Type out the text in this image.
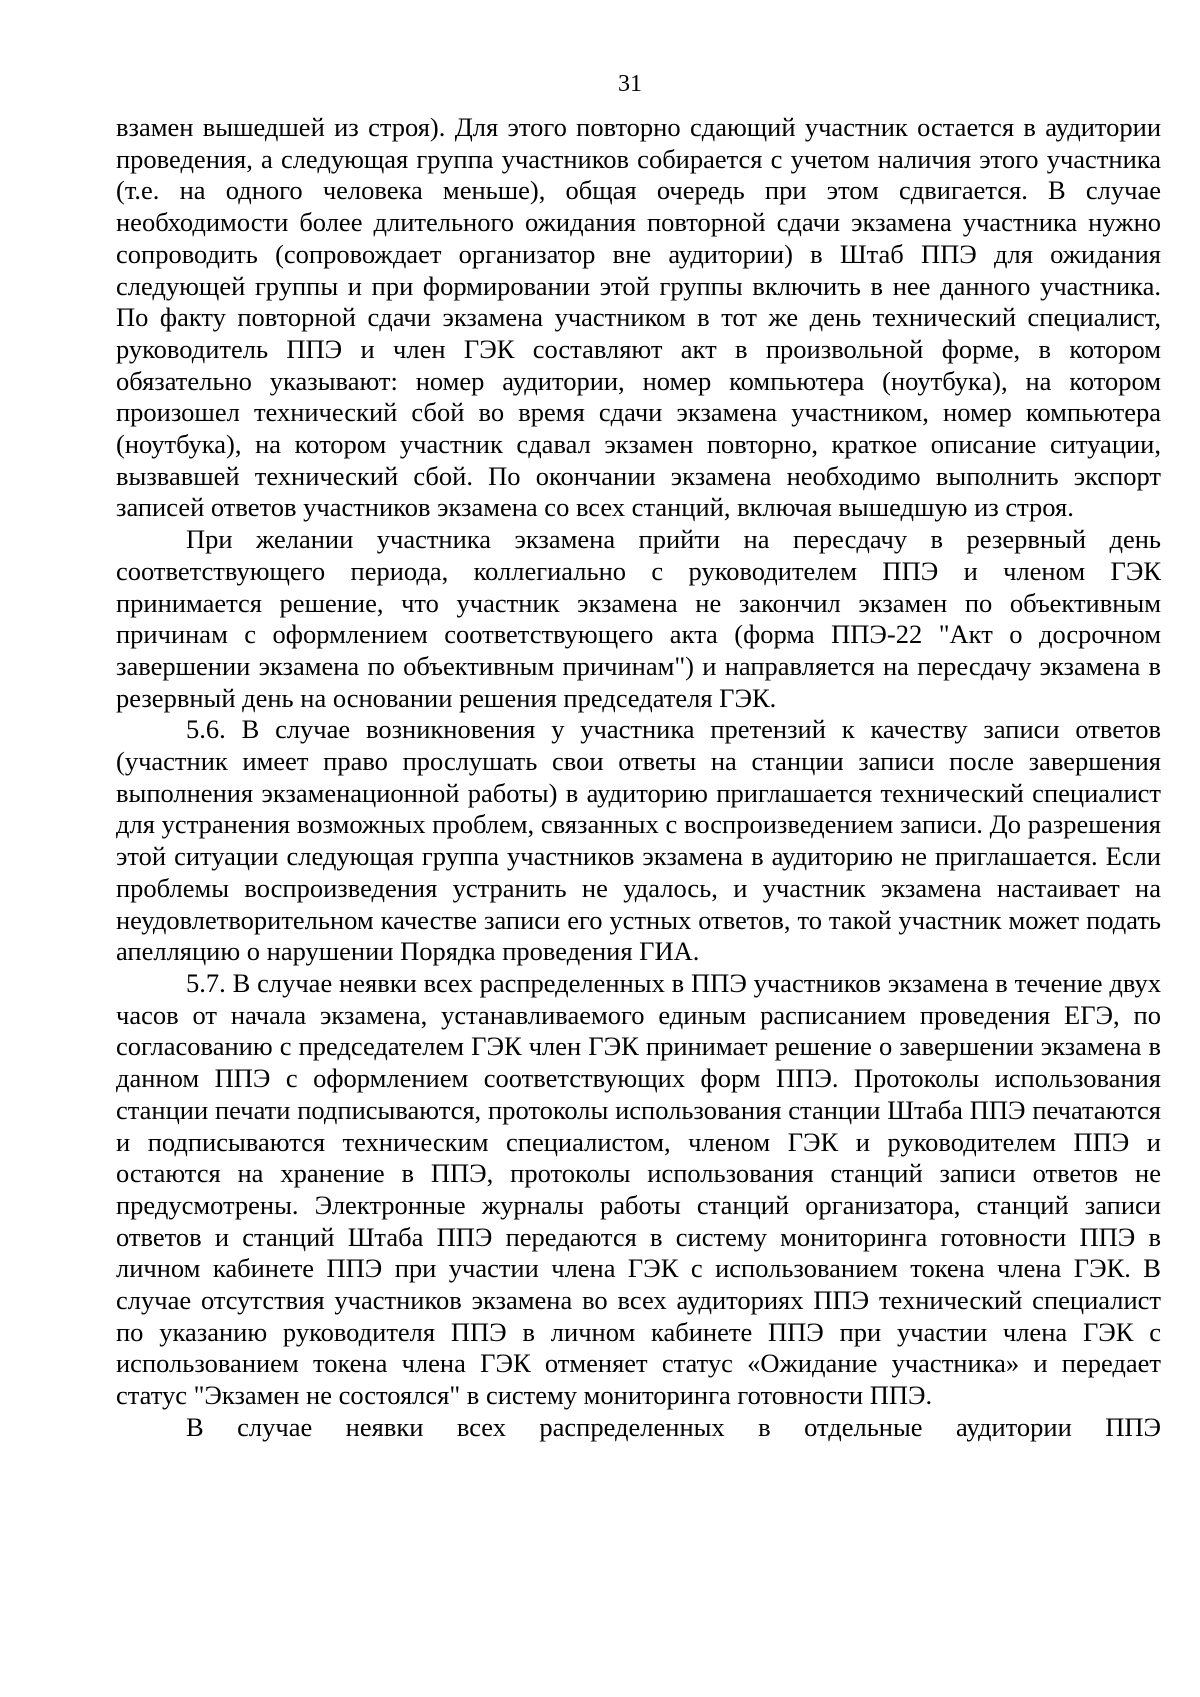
31

взамен вышедшей из строя). Для этого повторно сдающий участник остается в аудитории проведения, а следующая группа участников собирается с учетом наличия этого участника (т.е. на одного человека меньше), общая очередь при этом сдвигается. В случае необходимости более длительного ожидания повторной сдачи экзамена участника нужно сопроводить (сопровождает организатор вне аудитории) в Штаб ППЭ для ожидания следующей группы и при формировании этой группы включить в нее данного участника. По факту повторной сдачи экзамена участником в тот же день технический специалист, руководитель ППЭ и член ГЭК составляют акт в произвольной форме, в котором обязательно указывают: номер аудитории, номер компьютера (ноутбука), на котором произошел технический сбой во время сдачи экзамена участником, номер компьютера (ноутбука), на котором участник сдавал экзамен повторно, краткое описание ситуации, вызвавшей технический сбой. По окончании экзамена необходимо выполнить экспорт записей ответов участников экзамена со всех станций, включая вышедшую из строя.

При желании участника экзамена прийти на пересдачу в резервный день соответствующего периода, коллегиально с руководителем ППЭ и членом ГЭК принимается решение, что участник экзамена не закончил экзамен по объективным причинам с оформлением соответствующего акта (форма ППЭ-22 "Акт о досрочном завершении экзамена по объективным причинам") и направляется на пересдачу экзамена в резервный день на основании решения председателя ГЭК.

5.6. В случае возникновения у участника претензий к качеству записи ответов (участник имеет право прослушать свои ответы на станции записи после завершения выполнения экзаменационной работы) в аудиторию приглашается технический специалист для устранения возможных проблем, связанных с воспроизведением записи. До разрешения этой ситуации следующая группа участников экзамена в аудиторию не приглашается. Если проблемы воспроизведения устранить не удалось, и участник экзамена настаивает на неудовлетворительном качестве записи его устных ответов, то такой участник может подать апелляцию о нарушении Порядка проведения ГИА.

5.7. В случае неявки всех распределенных в ППЭ участников экзамена в течение двух часов от начала экзамена, устанавливаемого единым расписанием проведения ЕГЭ, по согласованию с председателем ГЭК член ГЭК принимает решение о завершении экзамена в данном ППЭ с оформлением соответствующих форм ППЭ. Протоколы использования станции печати подписываются, протоколы использования станции Штаба ППЭ печатаются и подписываются техническим специалистом, членом ГЭК и руководителем ППЭ и остаются на хранение в ППЭ, протоколы использования станций записи ответов не предусмотрены. Электронные журналы работы станций организатора, станций записи ответов и станций Штаба ППЭ передаются в систему мониторинга готовности ППЭ в личном кабинете ППЭ при участии члена ГЭК с использованием токена члена ГЭК. В случае отсутствия участников экзамена во всех аудиториях ППЭ технический специалист по указанию руководителя ППЭ в личном кабинете ППЭ при участии члена ГЭК с использованием токена члена ГЭК отменяет статус «Ожидание участника» и передает статус "Экзамен не состоялся" в систему мониторинга готовности ППЭ.

В случае неявки всех распределенных в отдельные аудитории ППЭ
